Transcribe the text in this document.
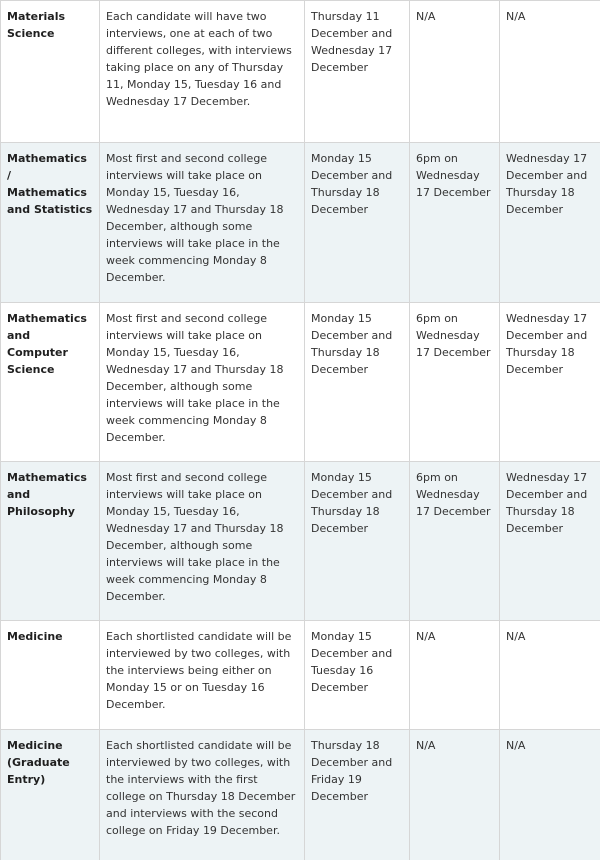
Materials Science	Each candidate will have two interviews, one at each of two different colleges, with interviews taking place on any of Thursday 11, Monday 15, Tuesday 16 and Wednesday 17 December.	Thursday 11 December and Wednesday 17 December	N/A	N/A
Mathematics / Mathematics and Statistics	Most first and second college interviews will take place on Monday 15, Tuesday 16, Wednesday 17 and Thursday 18 December, although some interviews will take place in the week commencing Monday 8 December.	Monday 15 December and Thursday 18 December	6pm on Wednesday 17 December	Wednesday 17 December and Thursday 18 December
Mathematics and Computer Science	Most first and second college interviews will take place on Monday 15, Tuesday 16, Wednesday 17 and Thursday 18 December, although some interviews will take place in the week commencing Monday 8 December.	Monday 15 December and Thursday 18 December	6pm on Wednesday 17 December	Wednesday 17 December and Thursday 18 December
Mathematics and Philosophy	Most first and second college interviews will take place on Monday 15, Tuesday 16, Wednesday 17 and Thursday 18 December, although some interviews will take place in the week commencing Monday 8 December.	Monday 15 December and Thursday 18 December	6pm on Wednesday 17 December	Wednesday 17 December and Thursday 18 December
Medicine	Each shortlisted candidate will be interviewed by two colleges, with the interviews being either on Monday 15 or on Tuesday 16 December.	Monday 15 December and Tuesday 16 December	N/A	N/A
Medicine (Graduate Entry)	Each shortlisted candidate will be interviewed by two colleges, with the interviews with the first college on Thursday 18 December and interviews with the second college on Friday 19 December.	Thursday 18 December and Friday 19 December	N/A	N/A
